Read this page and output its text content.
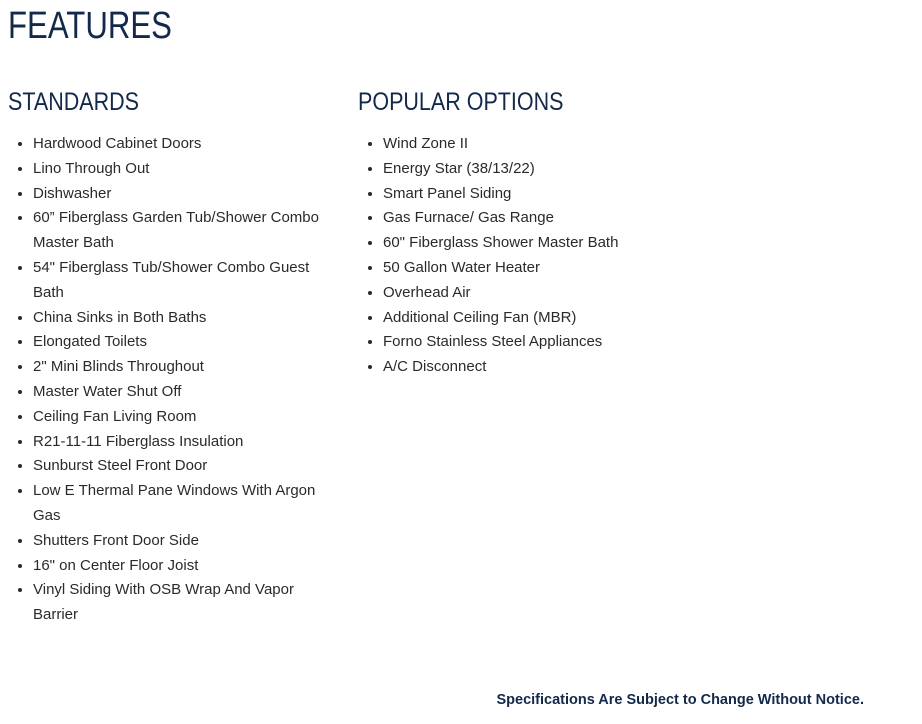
FEATURES
STANDARDS
• Hardwood Cabinet Doors
• Lino Through Out
• Dishwasher
• 60” Fiberglass Garden Tub/Shower Combo Master Bath
• 54" Fiberglass Tub/Shower Combo Guest Bath
• China Sinks in Both Baths
• Elongated Toilets
• 2" Mini Blinds Throughout
• Master Water Shut Off
• Ceiling Fan Living Room
• R21-11-11 Fiberglass Insulation
• Sunburst Steel Front Door
• Low E Thermal Pane Windows With Argon Gas
• Shutters Front Door Side
• 16" on Center Floor Joist
• Vinyl Siding With OSB Wrap And Vapor Barrier
POPULAR OPTIONS
• Wind Zone II
• Energy Star (38/13/22)
• Smart Panel Siding
• Gas Furnace/ Gas Range
• 60" Fiberglass Shower Master Bath
• 50 Gallon Water Heater
• Overhead Air
• Additional Ceiling Fan (MBR)
• Forno Stainless Steel Appliances
• A/C Disconnect

Specifications Are Subject to Change Without Notice.
